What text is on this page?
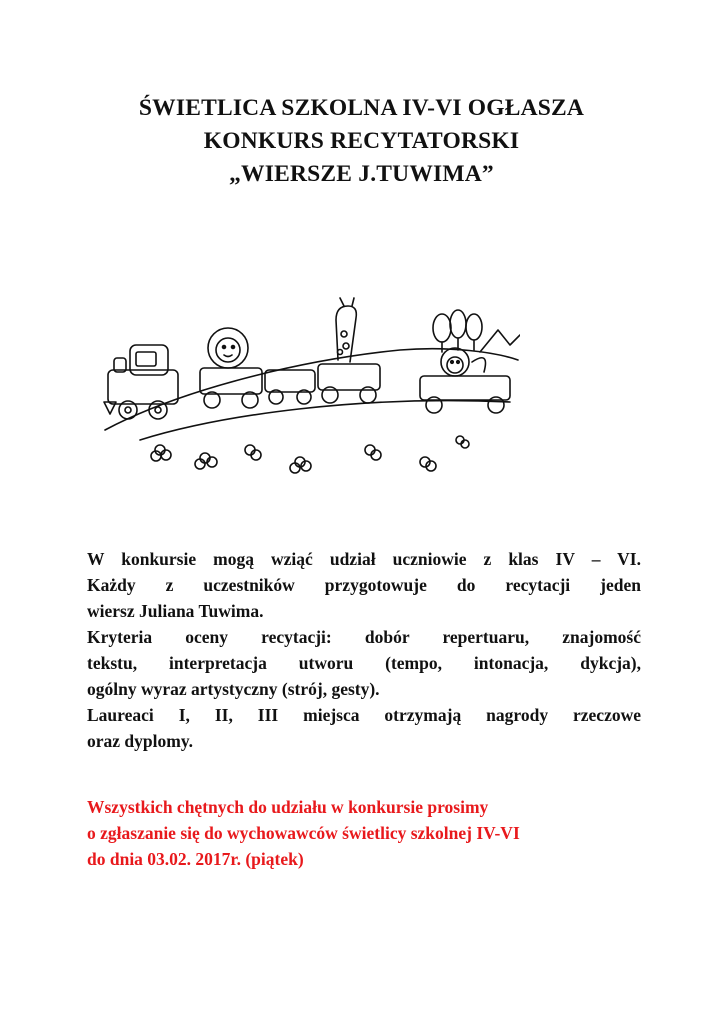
ŚWIETLICA SZKOLNA IV-VI OGŁASZA
KONKURS RECYTATORSKI
„WIERSZE J.TUWIMA”
W konkursie mogą wziąć udział uczniowie z klas IV – VI.
Każdy z uczestników przygotowuje do recytacji jeden
wiersz Juliana Tuwima.
Kryteria oceny recytacji: dobór repertuaru, znajomość
tekstu, interpretacja utworu (tempo, intonacja, dykcja),
ogólny wyraz artystyczny (strój, gesty).
Laureaci I, II, III miejsca otrzymają nagrody rzeczowe
oraz dyplomy.
Wszystkich chętnych do udziału w konkursie prosimy
o zgłaszanie się do wychowawców świetlicy szkolnej IV-VI
do dnia 03.02. 2017r. (piątek)
